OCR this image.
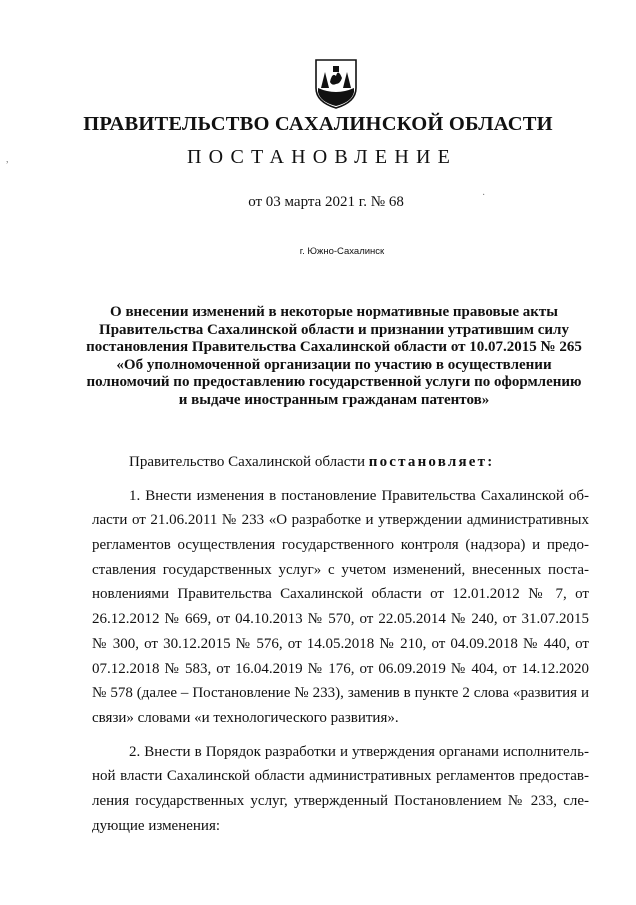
ПРАВИТЕЛЬСТВО САХАЛИНСКОЙ ОБЛАСТИ
ПОСТАНОВЛЕНИЕ
от 03 марта 2021 г. № 68
г. Южно-Сахалинск
О внесении изменений в некоторые нормативные правовые акты
Правительства Сахалинской области и признании утратившим силу
постановления Правительства Сахалинской области от 10.07.2015 № 265
«Об уполномоченной организации по участию в осуществлении
полномочий по предоставлению государственной услуги по оформлению
и выдаче иностранным гражданам патентов»
Правительство Сахалинской области постановляет:
1. Внести изменения в постановление Правительства Сахалинской об-
ласти от 21.06.2011 № 233 «О разработке и утверждении административных
регламентов осуществления государственного контроля (надзора) и предо-
ставления государственных услуг» с учетом изменений, внесенных поста-
новлениями Правительства Сахалинской области от 12.01.2012 № 7, от
26.12.2012 № 669, от 04.10.2013 № 570, от 22.05.2014 № 240, от 31.07.2015
№ 300, от 30.12.2015 № 576, от 14.05.2018 № 210, от 04.09.2018 № 440, от
07.12.2018 № 583, от 16.04.2019 № 176, от 06.09.2019 № 404, от 14.12.2020
№ 578 (далее – Постановление № 233), заменив в пункте 2 слова «развития и
связи» словами «и технологического развития».
2. Внести в Порядок разработки и утверждения органами исполнитель-
ной власти Сахалинской области административных регламентов предостав-
ления государственных услуг, утвержденный Постановлением № 233, сле-
дующие изменения:
,
·
